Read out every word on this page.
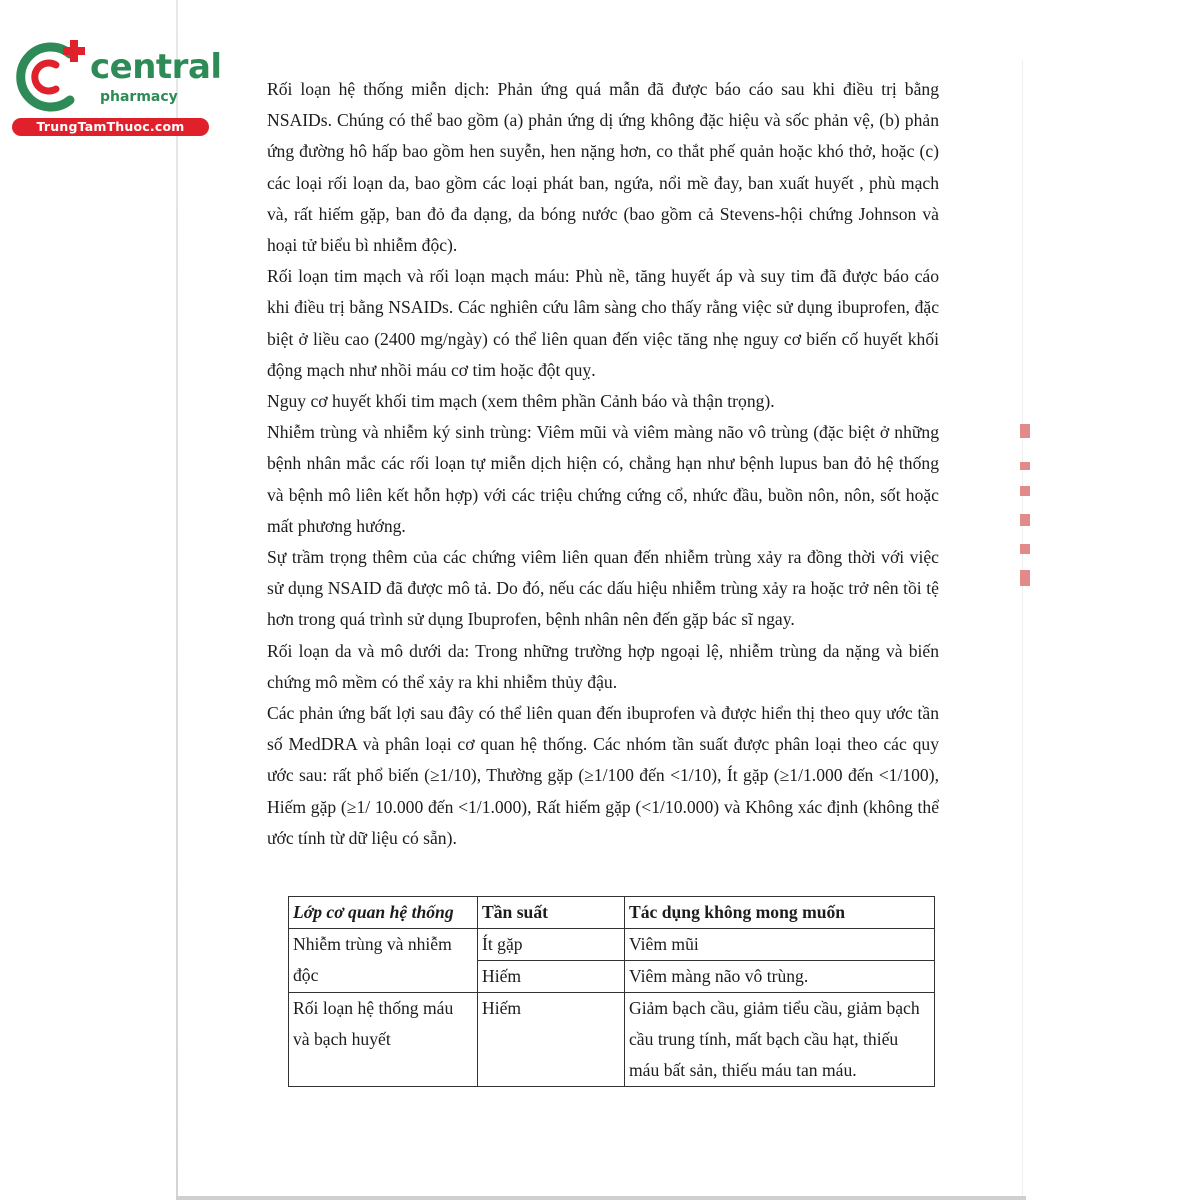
central
pharmacy
TrungTamThuoc.com

Rối loạn hệ thống miễn dịch: Phản ứng quá mẫn đã được báo cáo sau khi điều trị bằng NSAIDs. Chúng có thể bao gồm (a) phản ứng dị ứng không đặc hiệu và sốc phản vệ, (b) phản ứng đường hô hấp bao gồm hen suyễn, hen nặng hơn, co thắt phế quản hoặc khó thở, hoặc (c) các loại rối loạn da, bao gồm các loại phát ban, ngứa, nổi mề đay, ban xuất huyết , phù mạch và, rất hiếm gặp, ban đỏ đa dạng, da bóng nước (bao gồm cả Stevens-hội chứng Johnson và hoại tử biểu bì nhiễm độc).

Rối loạn tim mạch và rối loạn mạch máu: Phù nề, tăng huyết áp và suy tim đã được báo cáo khi điều trị bằng NSAIDs. Các nghiên cứu lâm sàng cho thấy rằng việc sử dụng ibuprofen, đặc biệt ở liều cao (2400 mg/ngày) có thể liên quan đến việc tăng nhẹ nguy cơ biến cố huyết khối động mạch như nhồi máu cơ tim hoặc đột quỵ.

Nguy cơ huyết khối tim mạch (xem thêm phần Cảnh báo và thận trọng).

Nhiễm trùng và nhiễm ký sinh trùng: Viêm mũi và viêm màng não vô trùng (đặc biệt ở những bệnh nhân mắc các rối loạn tự miễn dịch hiện có, chẳng hạn như bệnh lupus ban đỏ hệ thống và bệnh mô liên kết hỗn hợp) với các triệu chứng cứng cổ, nhức đầu, buồn nôn, nôn, sốt hoặc mất phương hướng.

Sự trầm trọng thêm của các chứng viêm liên quan đến nhiễm trùng xảy ra đồng thời với việc sử dụng NSAID đã được mô tả. Do đó, nếu các dấu hiệu nhiễm trùng xảy ra hoặc trở nên tồi tệ hơn trong quá trình sử dụng Ibuprofen, bệnh nhân nên đến gặp bác sĩ ngay.

Rối loạn da và mô dưới da: Trong những trường hợp ngoại lệ, nhiễm trùng da nặng và biến chứng mô mềm có thể xảy ra khi nhiễm thủy đậu.

Các phản ứng bất lợi sau đây có thể liên quan đến ibuprofen và được hiển thị theo quy ước tần số MedDRA và phân loại cơ quan hệ thống. Các nhóm tần suất được phân loại theo các quy ước sau: rất phổ biến (≥1/10), Thường gặp (≥1/100 đến <1/10), Ít gặp (≥1/1.000 đến <1/100), Hiếm gặp (≥1/ 10.000 đến <1/1.000), Rất hiếm gặp (<1/10.000) và Không xác định (không thể ước tính từ dữ liệu có sẵn).

Lớp cơ quan hệ thống	Tần suất	Tác dụng không mong muốn
Nhiễm trùng và nhiễm độc	Ít gặp	Viêm mũi
	Hiếm	Viêm màng não vô trùng.
Rối loạn hệ thống máu và bạch huyết	Hiếm	Giảm bạch cầu, giảm tiểu cầu, giảm bạch cầu trung tính, mất bạch cầu hạt, thiếu máu bất sản, thiếu máu tan máu.
